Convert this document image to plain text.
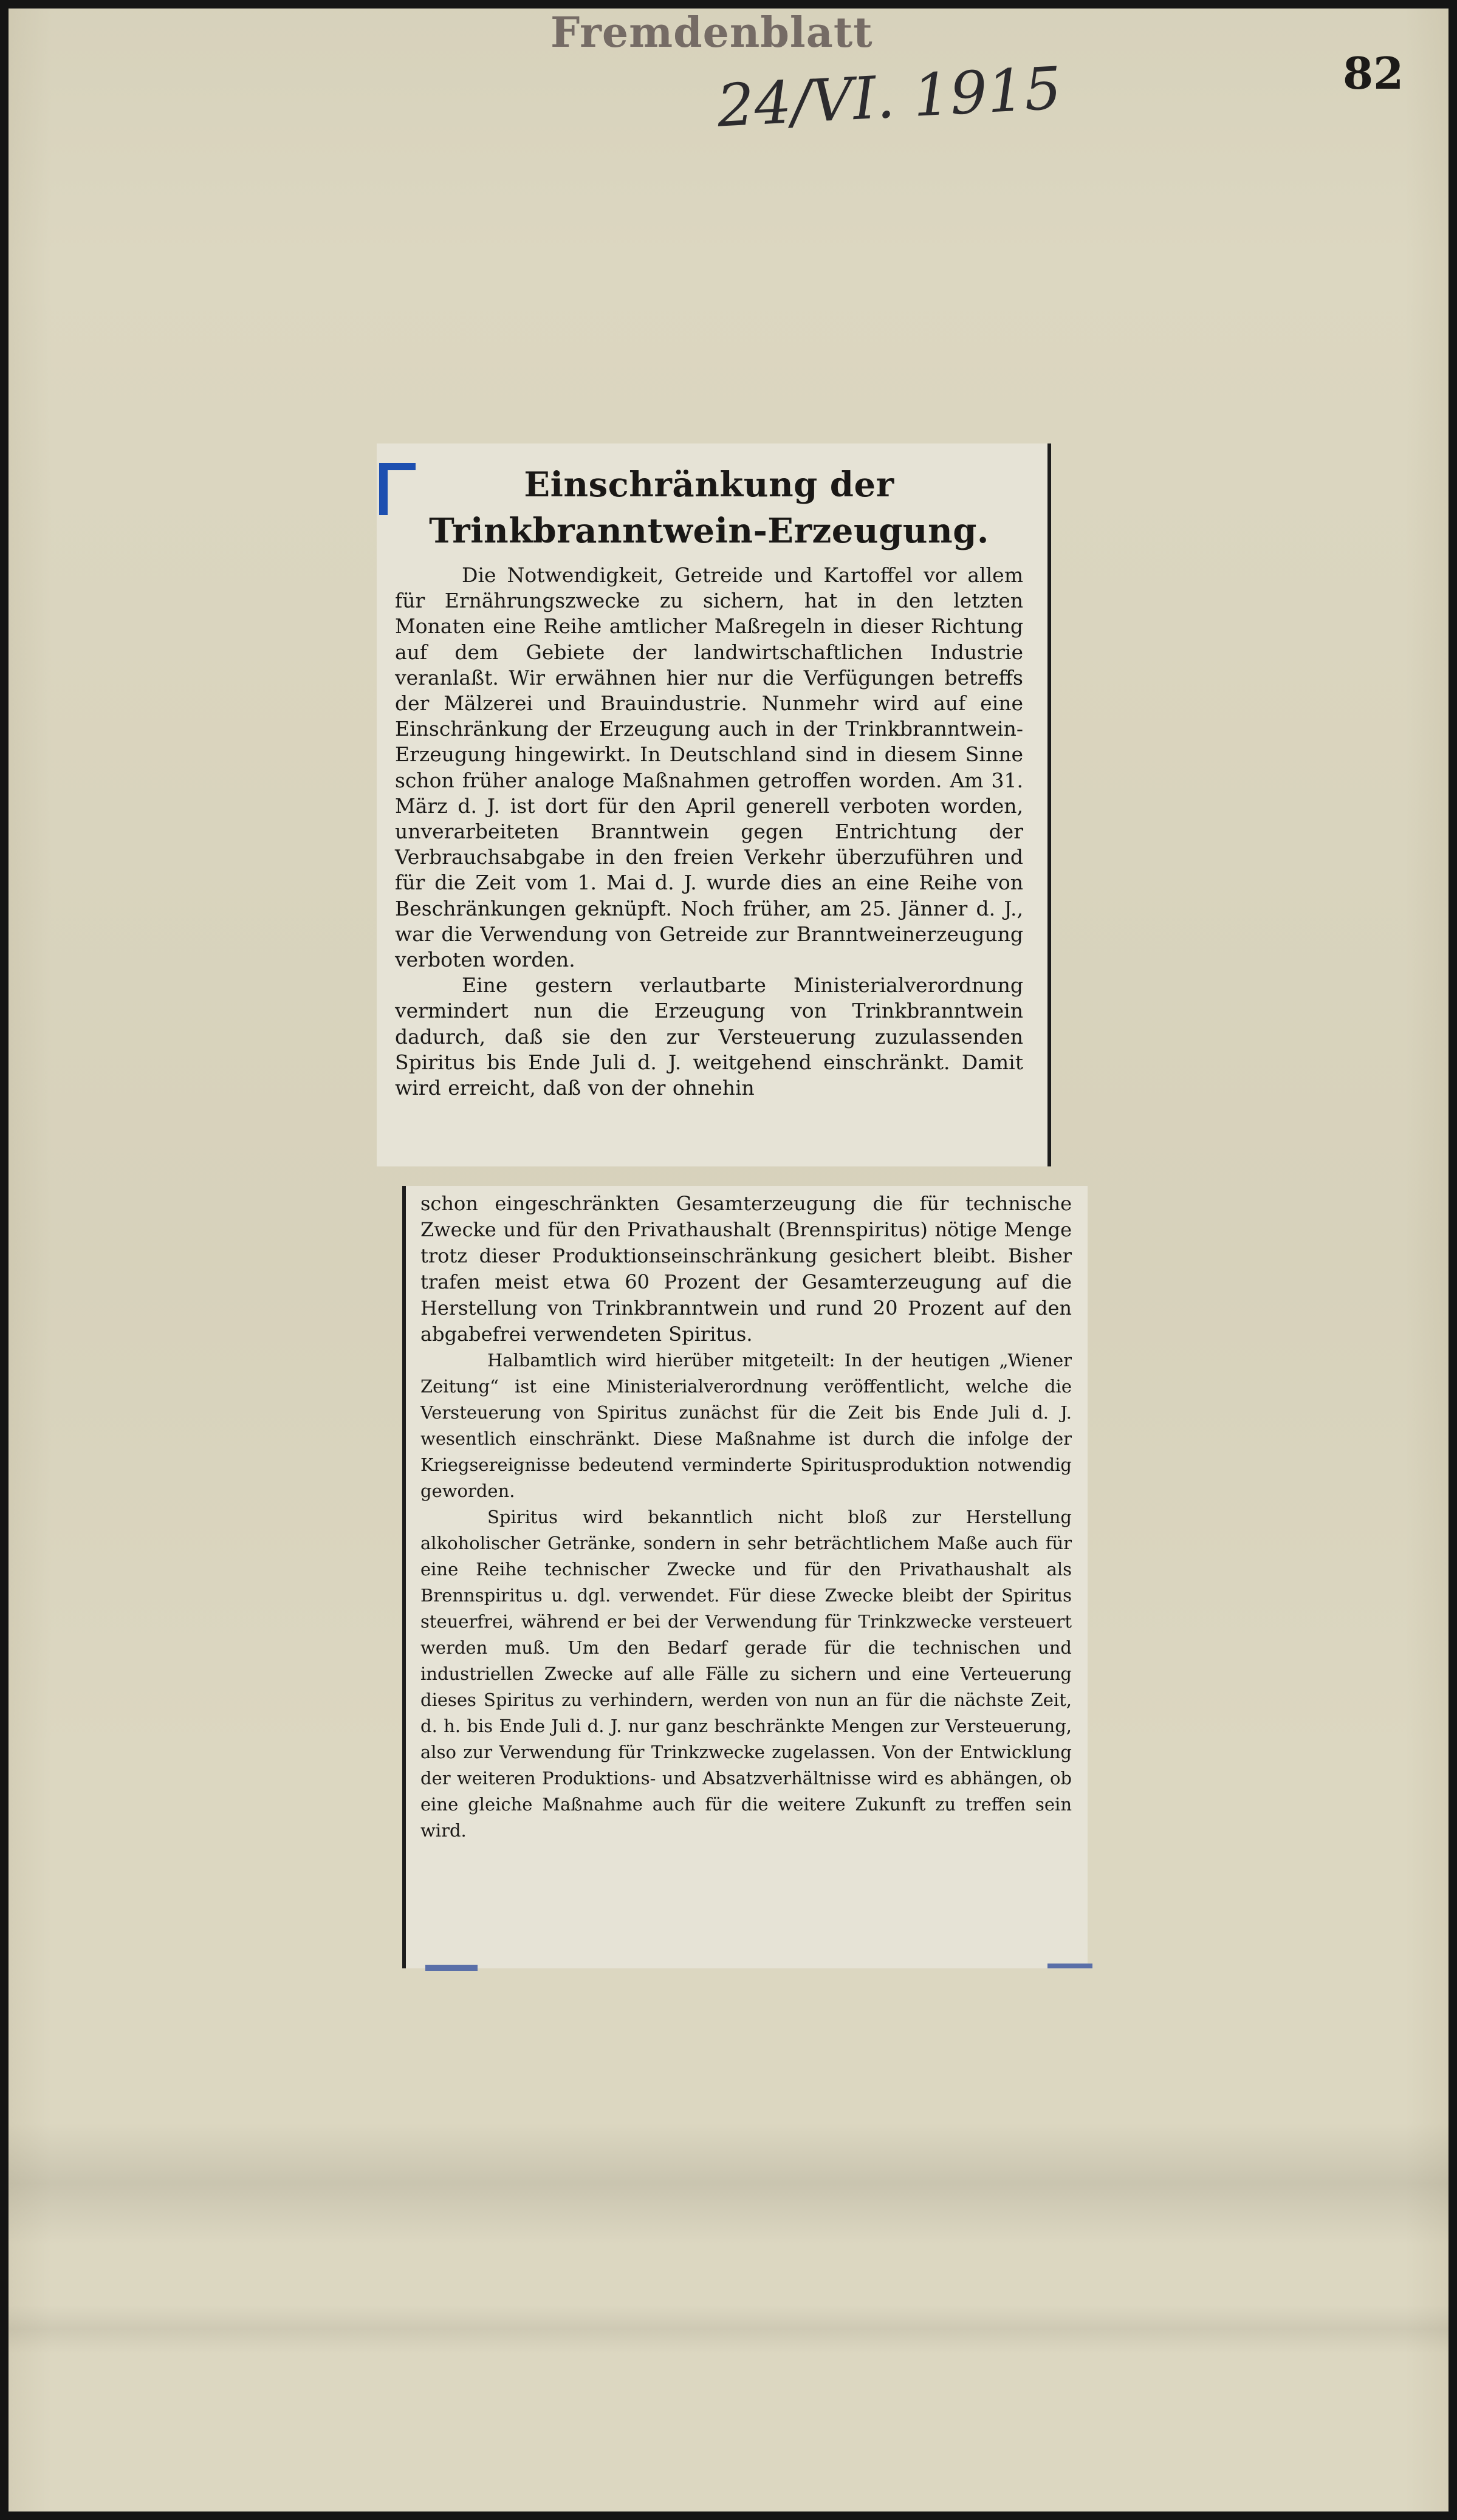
Fremdenblatt
24/VI. 1915	82
Einschränkung der Trinkbranntwein-Erzeugung.

Die Notwendigkeit, Getreide und Kartoffel vor allem für Ernährungszwecke zu sichern, hat in den letzten Monaten eine Reihe amtlicher Maßregeln in dieser Richtung auf dem Gebiete der landwirtschaftlichen Industrie veranlaßt. Wir erwähnen hier nur die Verfügungen betreffs der Mälzerei und Brauindustrie. Nunmehr wird auf eine Einschränkung der Erzeugung auch in der Trinkbranntwein-Erzeugung hingewirkt. In Deutschland sind in diesem Sinne schon früher analoge Maßnahmen getroffen worden. Am 31. März d. J. ist dort für den April generell verboten worden, unverarbeiteten Branntwein gegen Entrichtung der Verbrauchsabgabe in den freien Verkehr überzuführen und für die Zeit vom 1. Mai d. J. wurde dies an eine Reihe von Beschränkungen geknüpft. Noch früher, am 25. Jänner d. J., war die Verwendung von Getreide zur Branntweinerzeugung verboten worden.

Eine gestern verlautbarte Ministerialverordnung vermindert nun die Erzeugung von Trinkbranntwein dadurch, daß sie den zur Versteuerung zuzulassenden Spiritus bis Ende Juli d. J. weitgehend einschränkt. Damit wird erreicht, daß von der ohnehin

schon eingeschränkten Gesamterzeugung die für technische Zwecke und für den Privathaushalt (Brennspiritus) nötige Menge trotz dieser Produktionseinschränkung gesichert bleibt. Bisher trafen meist etwa 60 Prozent der Gesamterzeugung auf die Herstellung von Trinkbranntwein und rund 20 Prozent auf den abgabefrei verwendeten Spiritus.

Halbamtlich wird hierüber mitgeteilt: In der heutigen „Wiener Zeitung“ ist eine Ministerialverordnung veröffentlicht, welche die Versteuerung von Spiritus zunächst für die Zeit bis Ende Juli d. J. wesentlich einschränkt. Diese Maßnahme ist durch die infolge der Kriegsereignisse bedeutend verminderte Spiritusproduktion notwendig geworden.

Spiritus wird bekanntlich nicht bloß zur Herstellung alkoholischer Getränke, sondern in sehr beträchtlichem Maße auch für eine Reihe technischer Zwecke und für den Privathaushalt als Brennspiritus u. dgl. verwendet. Für diese Zwecke bleibt der Spiritus steuerfrei, während er bei der Verwendung für Trinkzwecke versteuert werden muß. Um den Bedarf gerade für die technischen und industriellen Zwecke auf alle Fälle zu sichern und eine Verteuerung dieses Spiritus zu verhindern, werden von nun an für die nächste Zeit, d. h. bis Ende Juli d. J. nur ganz beschränkte Mengen zur Versteuerung, also zur Verwendung für Trinkzwecke zugelassen. Von der Entwicklung der weiteren Produktions- und Absatzverhältnisse wird es abhängen, ob eine gleiche Maßnahme auch für die weitere Zukunft zu treffen sein wird.
